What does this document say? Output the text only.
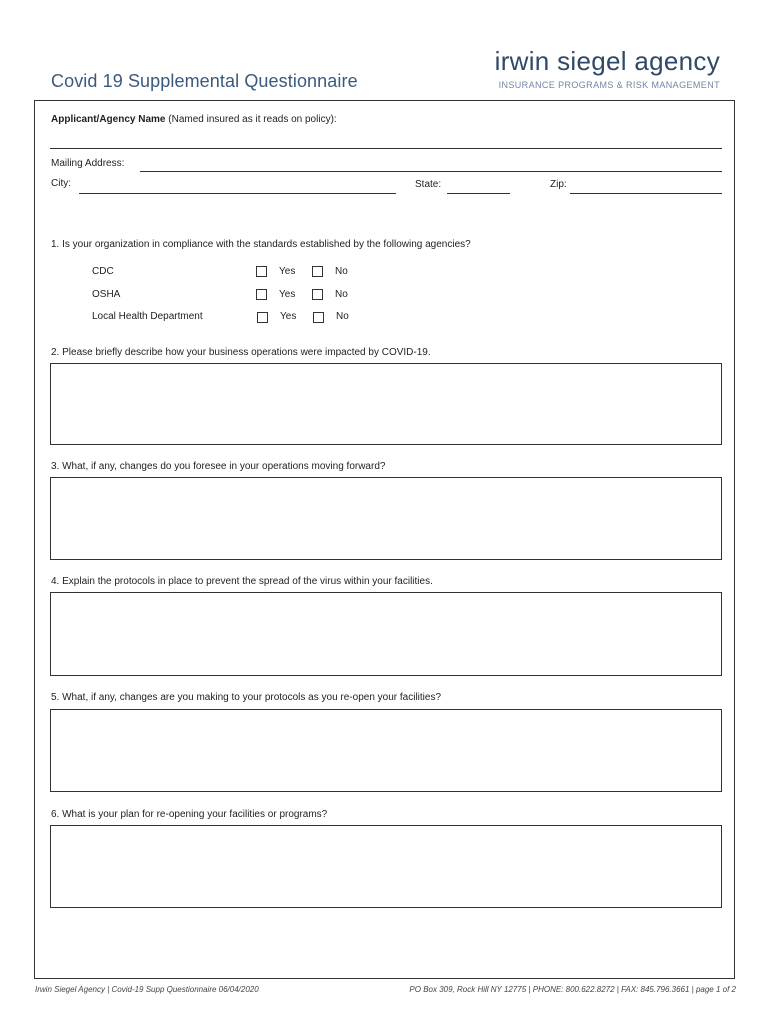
Covid 19 Supplemental Questionnaire
irwin siegel agency
INSURANCE PROGRAMS & RISK MANAGEMENT
Applicant/Agency Name (Named insured as it reads on policy):
Mailing Address:
City:	State:	Zip:
1. Is your organization in compliance with the standards established by the following agencies?
CDC	Yes	No
OSHA	Yes	No
Local Health Department	Yes	No
2. Please briefly describe how your business operations were impacted by COVID-19.
3. What, if any, changes do you foresee in your operations moving forward?
4. Explain the protocols in place to prevent the spread of the virus within your facilities.
5. What, if any, changes are you making to your protocols as you re-open your facilities?
6. What is your plan for re-opening your facilities or programs?
Irwin Siegel Agency | Covid-19 Supp Questionnaire 06/04/2020	PO Box 309, Rock Hill NY 12775 | PHONE: 800.622.8272 | FAX: 845.796.3661 | page 1 of 2
